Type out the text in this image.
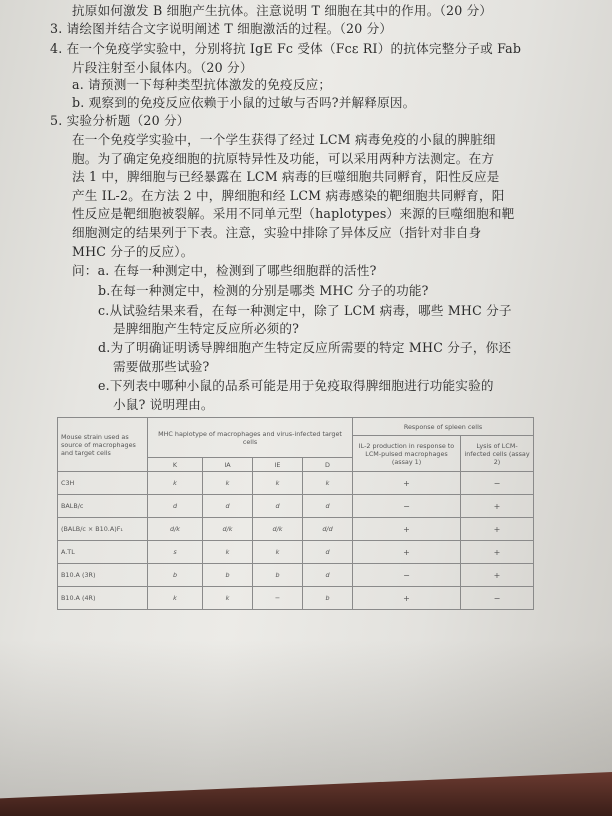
抗原如何激发 B 细胞产生抗体。注意说明 T 细胞在其中的作用。（20 分）
3. 请绘图并结合文字说明阐述 T 细胞激活的过程。（20 分）
4. 在一个免疫学实验中，分别将抗 IgE Fc 受体（Fcε RI）的抗体完整分子或 Fab
片段注射至小鼠体内。（20 分）
a. 请预测一下每种类型抗体激发的免疫反应；
b. 观察到的免疫反应依赖于小鼠的过敏与否吗?并解释原因。
5. 实验分析题（20 分）
在一个免疫学实验中，一个学生获得了经过 LCM 病毒免疫的小鼠的脾脏细
胞。为了确定免疫细胞的抗原特异性及功能，可以采用两种方法测定。在方
法 1 中，脾细胞与已经暴露在 LCM 病毒的巨噬细胞共同孵育，阳性反应是
产生 IL-2。在方法 2 中，脾细胞和经 LCM 病毒感染的靶细胞共同孵育，阳
性反应是靶细胞被裂解。采用不同单元型（haplotypes）来源的巨噬细胞和靶
细胞测定的结果列于下表。注意，实验中排除了异体反应（指针对非自身
MHC 分子的反应）。
问：a. 在每一种测定中，检测到了哪些细胞群的活性?
b.在每一种测定中，检测的分别是哪类 MHC 分子的功能?
c.从试验结果来看，在每一种测定中，除了 LCM 病毒，哪些 MHC 分子
是脾细胞产生特定反应所必须的?
d.为了明确证明诱导脾细胞产生特定反应所需要的特定 MHC 分子，你还
需要做那些试验?
e.下列表中哪种小鼠的品系可能是用于免疫取得脾细胞进行功能实验的
小鼠? 说明理由。
Mouse strain used as source of macrophages and target cells	MHC haplotype of macrophages and virus-infected target cells				Response of spleen cells	
					IL-2 production in response to LCM-pulsed macrophages (assay 1)	Lysis of LCM-infected cells (assay 2)
	K	IA	IE	D		
C3H	k	k	k	k	+	−
BALB/c	d	d	d	d	−	+
(BALB/c × B10.A)F₁	d/k	d/k	d/k	d/d	+	+
A.TL	s	k	k	d	+	+
B10.A (3R)	b	b	b	d	−	+
B10.A (4R)	k	k	−	b	+	−
